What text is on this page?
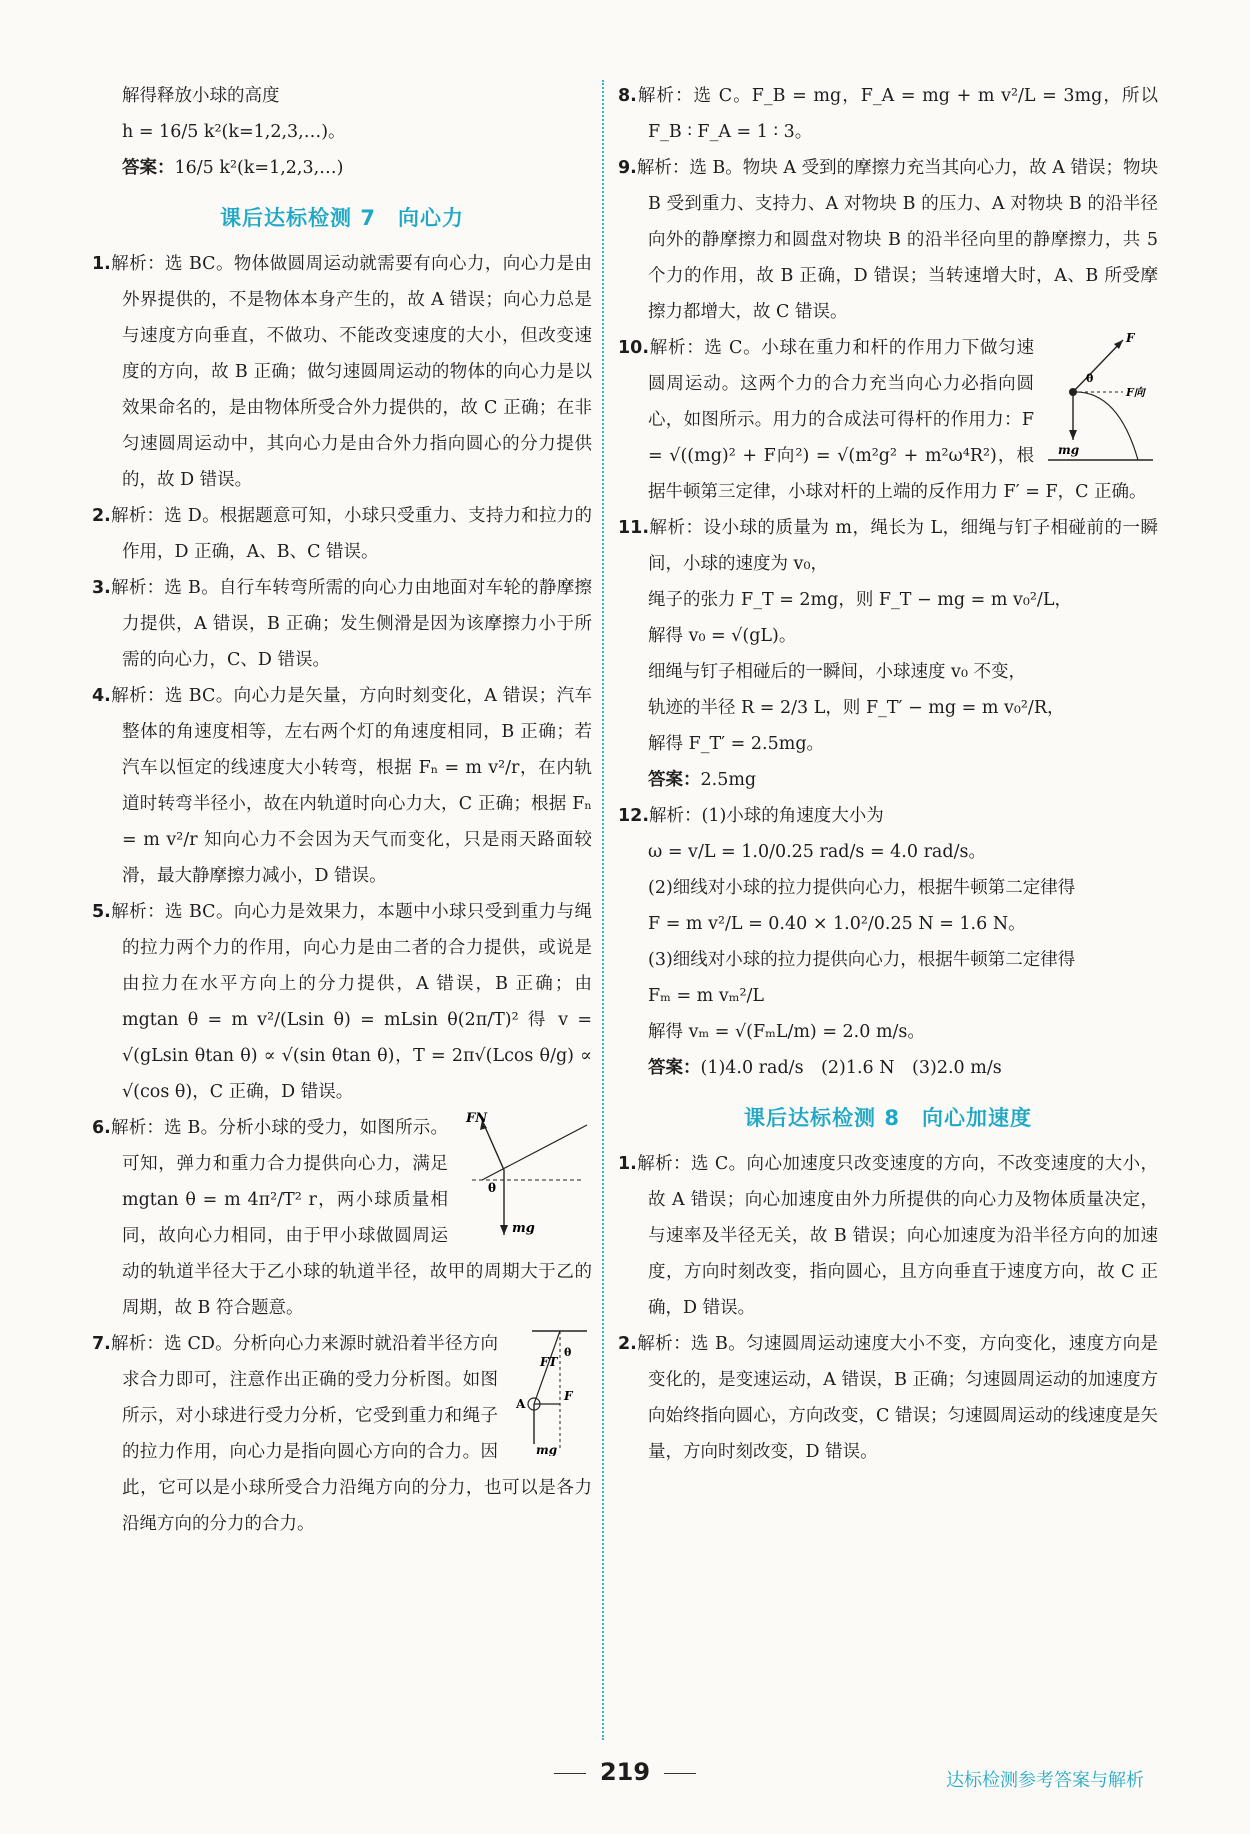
解得释放小球的高度

h = 16/5 k²(k=1,2,3,…)。

答案：16/5 k²(k=1,2,3,…)

课后达标检测 7　向心力

1.解析：选 BC。物体做圆周运动就需要有向心力，向心力是由外界提供的，不是物体本身产生的，故 A 错误；向心力总是与速度方向垂直，不做功、不能改变速度的大小，但改变速度的方向，故 B 正确；做匀速圆周运动的物体的向心力是以效果命名的，是由物体所受合外力提供的，故 C 正确；在非匀速圆周运动中，其向心力是由合外力指向圆心的分力提供的，故 D 错误。

2.解析：选 D。根据题意可知，小球只受重力、支持力和拉力的作用，D 正确，A、B、C 错误。

3.解析：选 B。自行车转弯所需的向心力由地面对车轮的静摩擦力提供，A 错误，B 正确；发生侧滑是因为该摩擦力小于所需的向心力，C、D 错误。

4.解析：选 BC。向心力是矢量，方向时刻变化，A 错误；汽车整体的角速度相等，左右两个灯的角速度相同，B 正确；若汽车以恒定的线速度大小转弯，根据 Fₙ = m v²/r，在内轨道时转弯半径小，故在内轨道时向心力大，C 正确；根据 Fₙ = m v²/r 知向心力不会因为天气而变化，只是雨天路面较滑，最大静摩擦力减小，D 错误。

5.解析：选 BC。向心力是效果力，本题中小球只受到重力与绳的拉力两个力的作用，向心力是由二者的合力提供，或说是由拉力在水平方向上的分力提供，A 错误，B 正确；由 mgtan θ = m v²/(Lsin θ) = mLsin θ(2π/T)² 得 v = √(gLsin θtan θ) ∝ √(sin θtan θ)，T = 2π√(Lcos θ/g) ∝ √(cos θ)，C 正确，D 错误。

FN
θ
mg
6.解析：选 B。分析小球的受力，如图所示。可知，弹力和重力合力提供向心力，满足 mgtan θ = m 4π²/T² r，两小球质量相同，故向心力相同，由于甲小球做圆周运动的轨道半径大于乙小球的轨道半径，故甲的周期大于乙的周期，故 B 符合题意。

FT
F
θ
A
mg
7.解析：选 CD。分析向心力来源时就沿着半径方向求合力即可，注意作出正确的受力分析图。如图所示，对小球进行受力分析，它受到重力和绳子的拉力作用，向心力是指向圆心方向的合力。因此，它可以是小球所受合力沿绳方向的分力，也可以是各力沿绳方向的分力的合力。

8.解析：选 C。F_B = mg，F_A = mg + m v²/L = 3mg，所以 F_B ∶ F_A = 1 ∶ 3。

9.解析：选 B。物块 A 受到的摩擦力充当其向心力，故 A 错误；物块 B 受到重力、支持力、A 对物块 B 的压力、A 对物块 B 的沿半径向外的静摩擦力和圆盘对物块 B 的沿半径向里的静摩擦力，共 5 个力的作用，故 B 正确，D 错误；当转速增大时，A、B 所受摩擦力都增大，故 C 错误。

F
F向
θ
mg
10.解析：选 C。小球在重力和杆的作用力下做匀速圆周运动。这两个力的合力充当向心力必指向圆心，如图所示。用力的合成法可得杆的作用力：F = √((mg)² + F向²) = √(m²g² + m²ω⁴R²)，根据牛顿第三定律，小球对杆的上端的反作用力 F′ = F，C 正确。

11.解析：设小球的质量为 m，绳长为 L，细绳与钉子相碰前的一瞬间，小球的速度为 v₀，

绳子的张力 F_T = 2mg，则 F_T − mg = m v₀²/L，

解得 v₀ = √(gL)。

细绳与钉子相碰后的一瞬间，小球速度 v₀ 不变，

轨迹的半径 R = 2/3 L，则 F_T′ − mg = m v₀²/R，

解得 F_T′ = 2.5mg。

答案：2.5mg

12.解析：(1)小球的角速度大小为

ω = v/L = 1.0/0.25 rad/s = 4.0 rad/s。

(2)细线对小球的拉力提供向心力，根据牛顿第二定律得

F = m v²/L = 0.40 × 1.0²/0.25 N = 1.6 N。

(3)细线对小球的拉力提供向心力，根据牛顿第二定律得

Fₘ = m vₘ²/L

解得 vₘ = √(FₘL/m) = 2.0 m/s。

答案：(1)4.0 rad/s　(2)1.6 N　(3)2.0 m/s

课后达标检测 8　向心加速度

1.解析：选 C。向心加速度只改变速度的方向，不改变速度的大小，故 A 错误；向心加速度由外力所提供的向心力及物体质量决定，与速率及半径无关，故 B 错误；向心加速度为沿半径方向的加速度，方向时刻改变，指向圆心，且方向垂直于速度方向，故 C 正确，D 错误。

2.解析：选 B。匀速圆周运动速度大小不变，方向变化，速度方向是变化的，是变速运动，A 错误，B 正确；匀速圆周运动的加速度方向始终指向圆心，方向改变，C 错误；匀速圆周运动的线速度是矢量，方向时刻改变，D 错误。

219	达标检测参考答案与解析
